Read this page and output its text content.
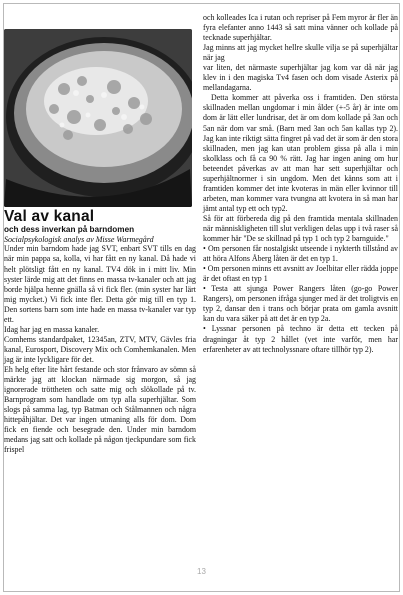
Val av kanal
och dess inverkan på barndomen
Socialpsykologisk analys av Misse Warmegård

Under min barndom hade jag SVT, enbart SVT tills en dag när min pappa sa, kolla, vi har fått en ny kanal. Då hade vi helt plötsligt fått en ny kanal. TV4 dök in i mitt liv. Min syster lärde mig att det finns en massa tv-kanaler och att jag borde hjälpa henne gnälla så vi fick fler. (min syster har lärt mig mycket.) Vi fick inte fler. Detta gör mig till en typ 1. Den sortens barn som inte hade en massa tv-kanaler var typ ett.

Idag har jag en massa kanaler.

Comhems standardpaket, 12345an, ZTV, MTV, Gävles fria kanal, Eurosport, Discovery Mix och Comhemkanalen. Men jag är inte lyckligare för det.

Eh helg efter lite hårt festande och stor frånvaro av sömn så märkte jag att klockan närmade sig morgon, så jag ignorerade tröttheten och satte mig och slökollade på tv. Barnprogram som handlade om typ alla superhjältar. Som slogs på samma lag, typ Batman och Stålmannen och några hittepåhjältar. Det var ingen utmaning alls för dom. Dom fick en fiende och besegrade den. Under min barndom medans jag satt och kollade på någon tjeckpundare som fick frispel

och kolleades Ica i rutan och repriser på Fem myror är fler än fyra elefanter anno 1443 så satt mina vänner och kollade på tecknade superhjältar.

Jag minns att jag mycket hellre skulle vilja se på superhjältar när jag

var liten, det närmaste superhjältar jag kom var då när jag klev in i den magiska Tv4 fasen och dom visade Asterix på mellandagarna.

Detta kommer att påverka oss i framtiden. Den största skillnaden mellan ungdomar i min ålder (+-5 år) är inte om dom är lätt eller lundrisar, det är om dom kollade på 3an och 5an när dom var små. (Barn med 3an och 5an kallas typ 2). Jag kan inte riktigt sätta fingret på vad det är som är den stora skillnaden, men jag kan utan problem gissa på alla i min skolklass och få ca 90 % rätt. Jag har ingen aning om hur beteendet påverkas av att man har sett superhjältar och superhjältnormer i sin ungdom. Men det känns som att i framtiden kommer det inte kvoteras in män eller kvinnor till arbeten, man kommer vara tvungna att kvotera in så man har jämt antal typ ett och typ2.

Så för att förbereda dig på den framtida mentala skillnaden när människligheten till slut verkligen delas upp i två raser så kommer här "De se skillnad på typ 1 och typ 2 barnguide."

• Om personen får nostalgiskt utseende i nykterth tillstånd av att höra Alfons Åberg låten är det en typ 1.

• Om personen minns ett avsnitt av Joelbitar eller rädda joppe är det oftast en typ 1

• Testa att sjunga Power Rangers låten (go-go Power Rangers), om personen ifråga sjunger med är det troligtvis en typ 2, dansar den i trans och börjar prata om gamla avsnitt kan du vara säker på att det är en typ 2a.

• Lyssnar personen på techno är detta ett tecken på dragningar åt typ 2 hållet (vet inte varför, men har erfarenheter av att technolyssnare oftare tillhör typ 2).

13
